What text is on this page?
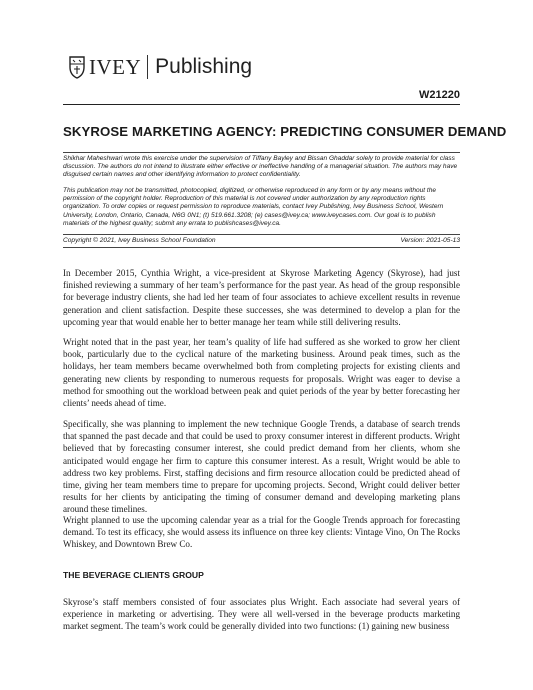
IVEY Publishing
W21220
SKYROSE MARKETING AGENCY: PREDICTING CONSUMER DEMAND

Shikhar Maheshwari wrote this exercise under the supervision of Tiffany Bayley and Bissan Ghaddar solely to provide material for class discussion. The authors do not intend to illustrate either effective or ineffective handling of a managerial situation. The authors may have disguised certain names and other identifying information to protect confidentiality.

This publication may not be transmitted, photocopied, digitized, or otherwise reproduced in any form or by any means without the permission of the copyright holder. Reproduction of this material is not covered under authorization by any reproduction rights organization. To order copies or request permission to reproduce materials, contact Ivey Publishing, Ivey Business School, Western University, London, Ontario, Canada, N6G 0N1; (t) 519.661.3208; (e) cases@ivey.ca; www.iveycases.com. Our goal is to publish materials of the highest quality; submit any errata to publishcases@ivey.ca.

Copyright © 2021, Ivey Business School Foundation	Version: 2021-05-13

In December 2015, Cynthia Wright, a vice-president at Skyrose Marketing Agency (Skyrose), had just finished reviewing a summary of her team’s performance for the past year. As head of the group responsible for beverage industry clients, she had led her team of four associates to achieve excellent results in revenue generation and client satisfaction. Despite these successes, she was determined to develop a plan for the upcoming year that would enable her to better manage her team while still delivering results.

Wright noted that in the past year, her team’s quality of life had suffered as she worked to grow her client book, particularly due to the cyclical nature of the marketing business. Around peak times, such as the holidays, her team members became overwhelmed both from completing projects for existing clients and generating new clients by responding to numerous requests for proposals. Wright was eager to devise a method for smoothing out the workload between peak and quiet periods of the year by better forecasting her clients’ needs ahead of time.

Specifically, she was planning to implement the new technique Google Trends, a database of search trends that spanned the past decade and that could be used to proxy consumer interest in different products. Wright believed that by forecasting consumer interest, she could predict demand from her clients, whom she anticipated would engage her firm to capture this consumer interest. As a result, Wright would be able to address two key problems. First, staffing decisions and firm resource allocation could be predicted ahead of time, giving her team members time to prepare for upcoming projects. Second, Wright could deliver better results for her clients by anticipating the timing of consumer demand and developing marketing plans around these timelines.

Wright planned to use the upcoming calendar year as a trial for the Google Trends approach for forecasting demand. To test its efficacy, she would assess its influence on three key clients: Vintage Vino, On The Rocks Whiskey, and Downtown Brew Co.

THE BEVERAGE CLIENTS GROUP

Skyrose’s staff members consisted of four associates plus Wright. Each associate had several years of experience in marketing or advertising. They were all well-versed in the beverage products marketing market segment. The team’s work could be generally divided into two functions: (1) gaining new business
